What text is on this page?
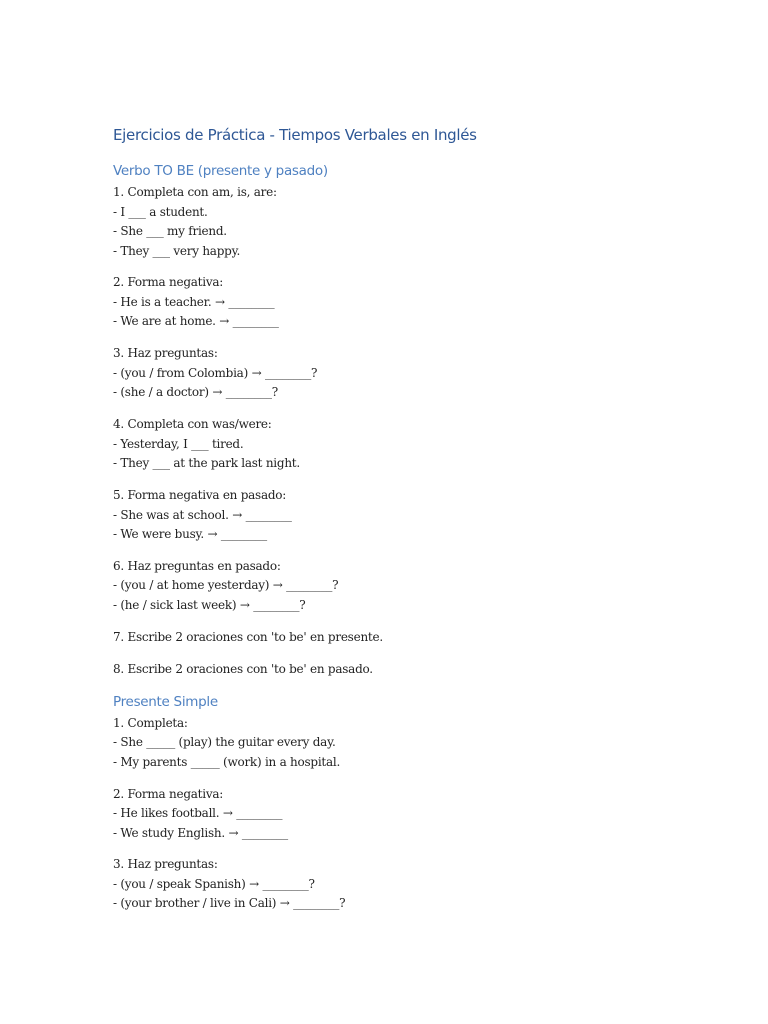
Ejercicios de Práctica - Tiempos Verbales en Inglés
Verbo TO BE (presente y pasado)
1. Completa con am, is, are:
- I ___ a student.
- She ___ my friend.
- They ___ very happy.
2. Forma negativa:
- He is a teacher. → ________
- We are at home. → ________
3. Haz preguntas:
- (you / from Colombia) → ________?
- (she / a doctor) → ________?
4. Completa con was/were:
- Yesterday, I ___ tired.
- They ___ at the park last night.
5. Forma negativa en pasado:
- She was at school. → ________
- We were busy. → ________
6. Haz preguntas en pasado:
- (you / at home yesterday) → ________?
- (he / sick last week) → ________?
7. Escribe 2 oraciones con 'to be' en presente.
8. Escribe 2 oraciones con 'to be' en pasado.
Presente Simple
1. Completa:
- She _____ (play) the guitar every day.
- My parents _____ (work) in a hospital.
2. Forma negativa:
- He likes football. → ________
- We study English. → ________
3. Haz preguntas:
- (you / speak Spanish) → ________?
- (your brother / live in Cali) → ________?
